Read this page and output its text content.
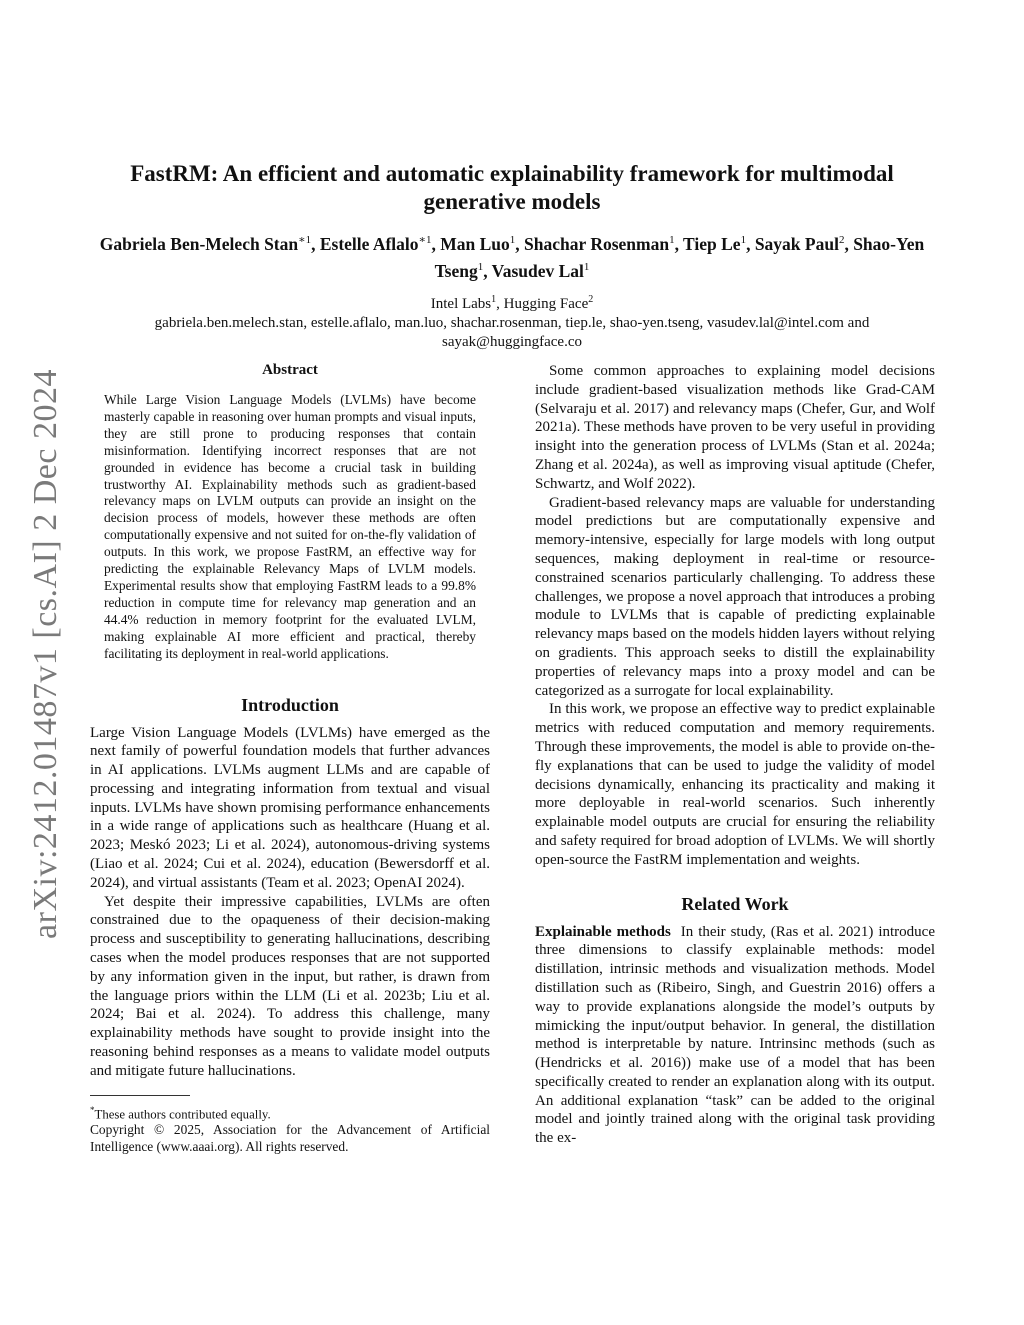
arXiv:2412.01487v1 [cs.AI] 2 Dec 2024
FastRM: An efficient and automatic explainability framework for multimodal generative models
Gabriela Ben-Melech Stan$^{∗1}$, Estelle Aflalo$^{∗1}$, Man Luo$^1$, Shachar Rosenman$^1$, Tiep Le$^1$, Sayak Paul$^2$, Shao-Yen Tseng$^1$, Vasudev Lal$^1$
Intel Labs$^1$, Hugging Face$^2$
gabriela.ben.melech.stan, estelle.aflalo, man.luo, shachar.rosenman, tiep.le, shao-yen.tseng, vasudev.lal@intel.com and sayak@huggingface.co
Abstract

While Large Vision Language Models (LVLMs) have become masterly capable in reasoning over human prompts and visual inputs, they are still prone to producing responses that contain misinformation. Identifying incorrect responses that are not grounded in evidence has become a crucial task in building trustworthy AI. Explainability methods such as gradient-based relevancy maps on LVLM outputs can provide an insight on the decision process of models, however these methods are often computationally expensive and not suited for on-the-fly validation of outputs. In this work, we propose FastRM, an effective way for predicting the explainable Relevancy Maps of LVLM models. Experimental results show that employing FastRM leads to a 99.8% reduction in compute time for relevancy map generation and an 44.4% reduction in memory footprint for the evaluated LVLM, making explainable AI more efficient and practical, thereby facilitating its deployment in real-world applications.

Introduction

Large Vision Language Models (LVLMs) have emerged as the next family of powerful foundation models that further advances in AI applications. LVLMs augment LLMs and are capable of processing and integrating information from textual and visual inputs. LVLMs have shown promising performance enhancements in a wide range of applications such as healthcare (Huang et al. 2023; Meskó 2023; Li et al. 2024), autonomous-driving systems (Liao et al. 2024; Cui et al. 2024), education (Bewersdorff et al. 2024), and virtual assistants (Team et al. 2023; OpenAI 2024).

Yet despite their impressive capabilities, LVLMs are often constrained due to the opaqueness of their decision-making process and susceptibility to generating hallucinations, describing cases when the model produces responses that are not supported by any information given in the input, but rather, is drawn from the language priors within the LLM (Li et al. 2023b; Liu et al. 2024; Bai et al. 2024). To address this challenge, many explainability methods have sought to provide insight into the reasoning behind responses as a means to validate model outputs and mitigate future hallucinations.

*These authors contributed equally.
Copyright © 2025, Association for the Advancement of Artificial Intelligence (www.aaai.org). All rights reserved.

Some common approaches to explaining model decisions include gradient-based visualization methods like Grad-CAM (Selvaraju et al. 2017) and relevancy maps (Chefer, Gur, and Wolf 2021a). These methods have proven to be very useful in providing insight into the generation process of LVLMs (Stan et al. 2024a; Zhang et al. 2024a), as well as improving visual aptitude (Chefer, Schwartz, and Wolf 2022).

Gradient-based relevancy maps are valuable for understanding model predictions but are computationally expensive and memory-intensive, especially for large models with long output sequences, making deployment in real-time or resource-constrained scenarios particularly challenging. To address these challenges, we propose a novel approach that introduces a probing module to LVLMs that is capable of predicting explainable relevancy maps based on the models hidden layers without relying on gradients. This approach seeks to distill the explainability properties of relevancy maps into a proxy model and can be categorized as a surrogate for local explainability.

In this work, we propose an effective way to predict explainable metrics with reduced computation and memory requirements. Through these improvements, the model is able to provide on-the-fly explanations that can be used to judge the validity of model decisions dynamically, enhancing its practicality and making it more deployable in real-world scenarios. Such inherently explainable model outputs are crucial for ensuring the reliability and safety required for broad adoption of LVLMs. We will shortly open-source the FastRM implementation and weights.

Related Work

Explainable methods In their study, (Ras et al. 2021) introduce three dimensions to classify explainable methods: model distillation, intrinsic methods and visualization methods. Model distillation such as (Ribeiro, Singh, and Guestrin 2016) offers a way to provide explanations alongside the model’s outputs by mimicking the input/output behavior. In general, the distillation method is interpretable by nature. Intrinsinc methods (such as (Hendricks et al. 2016)) make use of a model that has been specifically created to render an explanation along with its output. An additional explanation “task” can be added to the original model and jointly trained along with the original task providing the ex-
